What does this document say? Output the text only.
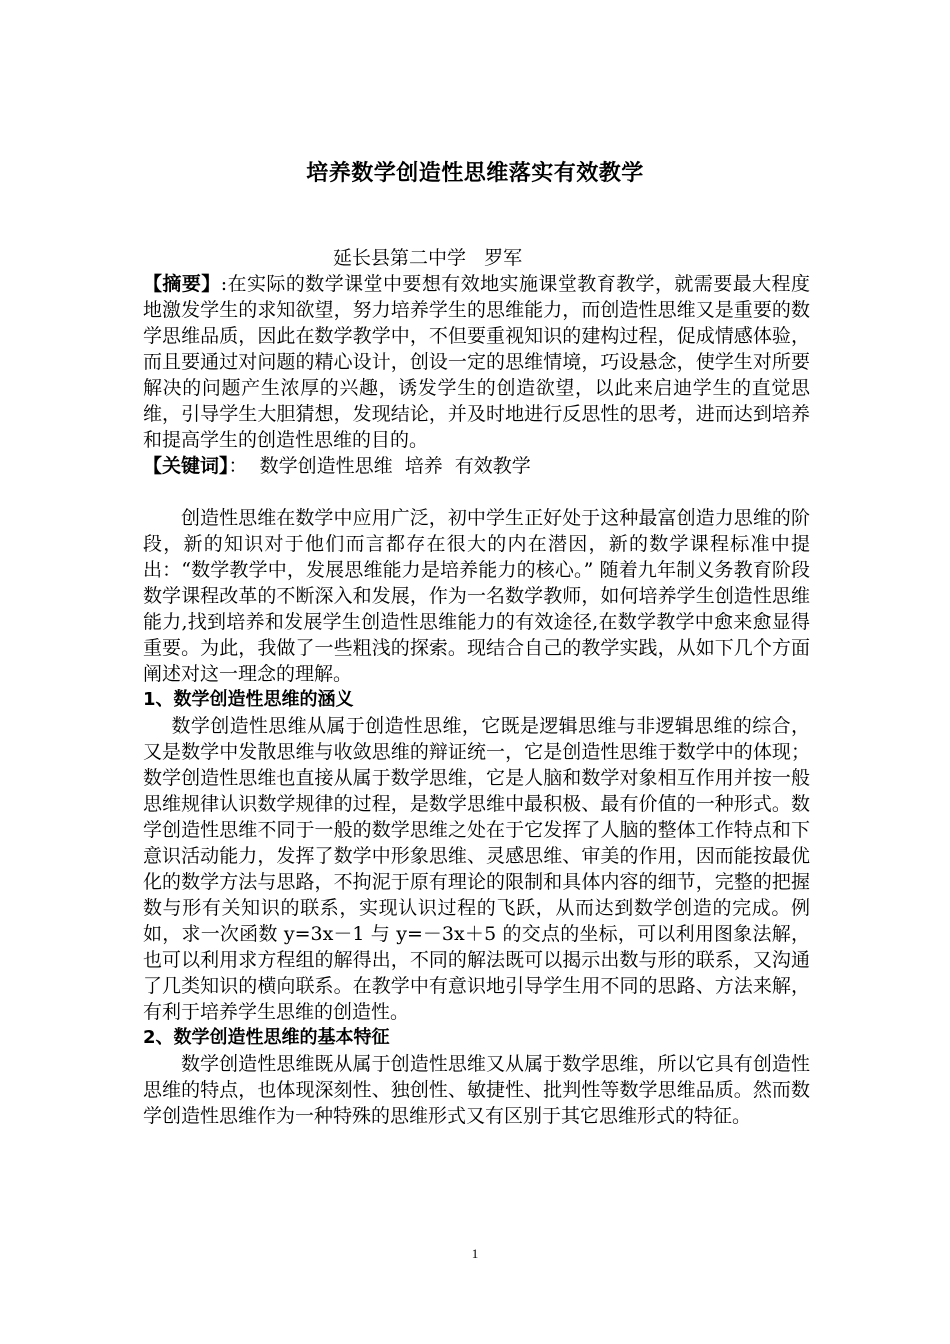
培养数学创造性思维落实有效教学
延长县第二中学   罗军

【摘要】:在实际的数学课堂中要想有效地实施课堂教育教学，就需要最大程度地激发学生的求知欲望，努力培养学生的思维能力，而创造性思维又是重要的数学思维品质，因此在数学教学中，不但要重视知识的建构过程，促成情感体验，而且要通过对问题的精心设计，创设一定的思维情境，巧设悬念，使学生对所要解决的问题产生浓厚的兴趣，诱发学生的创造欲望，以此来启迪学生的直觉思维，引导学生大胆猜想，发现结论，并及时地进行反思性的思考，进而达到培养和提高学生的创造性思维的目的。

【关键词】：  数学创造性思维  培养  有效教学

创造性思维在数学中应用广泛，初中学生正好处于这种最富创造力思维的阶段，新的知识对于他们而言都存在很大的内在潜因，新的数学课程标准中提出：“数学教学中，发展思维能力是培养能力的核心。” 随着九年制义务教育阶段数学课程改革的不断深入和发展，作为一名数学教师，如何培养学生创造性思维能力,找到培养和发展学生创造性思维能力的有效途径,在数学教学中愈来愈显得重要。为此，我做了一些粗浅的探索。现结合自己的教学实践，从如下几个方面阐述对这一理念的理解。

1、数学创造性思维的涵义

数学创造性思维从属于创造性思维，它既是逻辑思维与非逻辑思维的综合，又是数学中发散思维与收敛思维的辩证统一，它是创造性思维于数学中的体现；数学创造性思维也直接从属于数学思维，它是人脑和数学对象相互作用并按一般思维规律认识数学规律的过程，是数学思维中最积极、最有价值的一种形式。数学创造性思维不同于一般的数学思维之处在于它发挥了人脑的整体工作特点和下意识活动能力，发挥了数学中形象思维、灵感思维、审美的作用，因而能按最优化的数学方法与思路，不拘泥于原有理论的限制和具体内容的细节，完整的把握数与形有关知识的联系，实现认识过程的飞跃，从而达到数学创造的完成。例如，求一次函数 y=3x－1 与 y=－3x＋5 的交点的坐标，可以利用图象法解，也可以利用求方程组的解得出，不同的解法既可以揭示出数与形的联系，又沟通了几类知识的横向联系。在教学中有意识地引导学生用不同的思路、方法来解，有利于培养学生思维的创造性。

2、数学创造性思维的基本特征

数学创造性思维既从属于创造性思维又从属于数学思维，所以它具有创造性思维的特点，也体现深刻性、独创性、敏捷性、批判性等数学思维品质。然而数学创造性思维作为一种特殊的思维形式又有区别于其它思维形式的特征。

1
